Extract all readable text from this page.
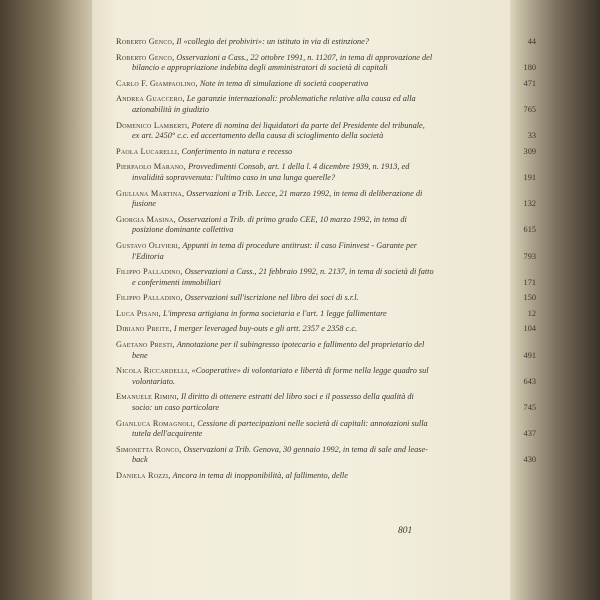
Roberto Genco, Il «collegio dei probiviri»: un istituto in via di estinzione?	44
Roberto Genco, Osservazioni a Cass., 22 ottobre 1991, n. 11207, in tema di approvazione del bilancio e appropriazione indebita degli amministratori di società di capitali	180
Carlo F. Giampaolino, Note in tema di simulazione di società cooperativa	471
Andrea Guaccero, Le garanzie internazionali: problematiche relative alla causa ed alla azionabilità in giudizio	765
Domenico Lamberti, Potere di nomina dei liquidatori da parte del Presidente del tribunale, ex art. 2450° c.c. ed accertamento della causa di scioglimento della società	33
Paola Lucarelli, Conferimento in natura e recesso	309
Pierpaolo Marano, Provvedimenti Consob, art. 1 della l. 4 dicembre 1939, n. 1913, ed invalidità sopravvenuta: l'ultimo caso in una lunga querelle?	191
Giuliana Martina, Osservazioni a Trib. Lecce, 21 marzo 1992, in tema di deliberazione di fusione	132
Giorgia Masina, Osservazioni a Trib. di primo grado CEE, 10 marzo 1992, in tema di posizione dominante collettiva	615
Gustavo Olivieri, Appunti in tema di procedure antitrust: il caso Fininvest - Garante per l'Editoria	793
Filippo Palladino, Osservazioni a Cass., 21 febbraio 1992, n. 2137, in tema di società di fatto e conferimenti immobiliari	171
Filippo Palladino, Osservazioni sull'iscrizione nel libro dei soci di s.r.l.	150
Luca Pisani, L'impresa artigiana in forma societaria e l'art. 1 legge fallimentare	12
Dibiano Preite, I merger leveraged buy-outs e gli artt. 2357 e 2358 c.c.	104
Gaetano Presti, Annotazione per il subingresso ipotecario e fallimento del proprietario del bene	491
Nicola Riccardelli, «Cooperative» di volontariato e libertà di forme nella legge quadro sul volontariato.	643
Emanuele Rimini, Il diritto di ottenere estratti del libro soci e il possesso della qualità di socio: un caso particolare	745
Gianluca Romagnoli, Cessione di partecipazioni nelle società di capitali: annotazioni sulla tutela dell'acquirente	437
Simonetta Ronco, Osservazioni a Trib. Genova, 30 gennaio 1992, in tema di sale and lease-back	430
Daniela Rozzi, Ancora in tema di inopponibilità, al fallimento, delle
801
